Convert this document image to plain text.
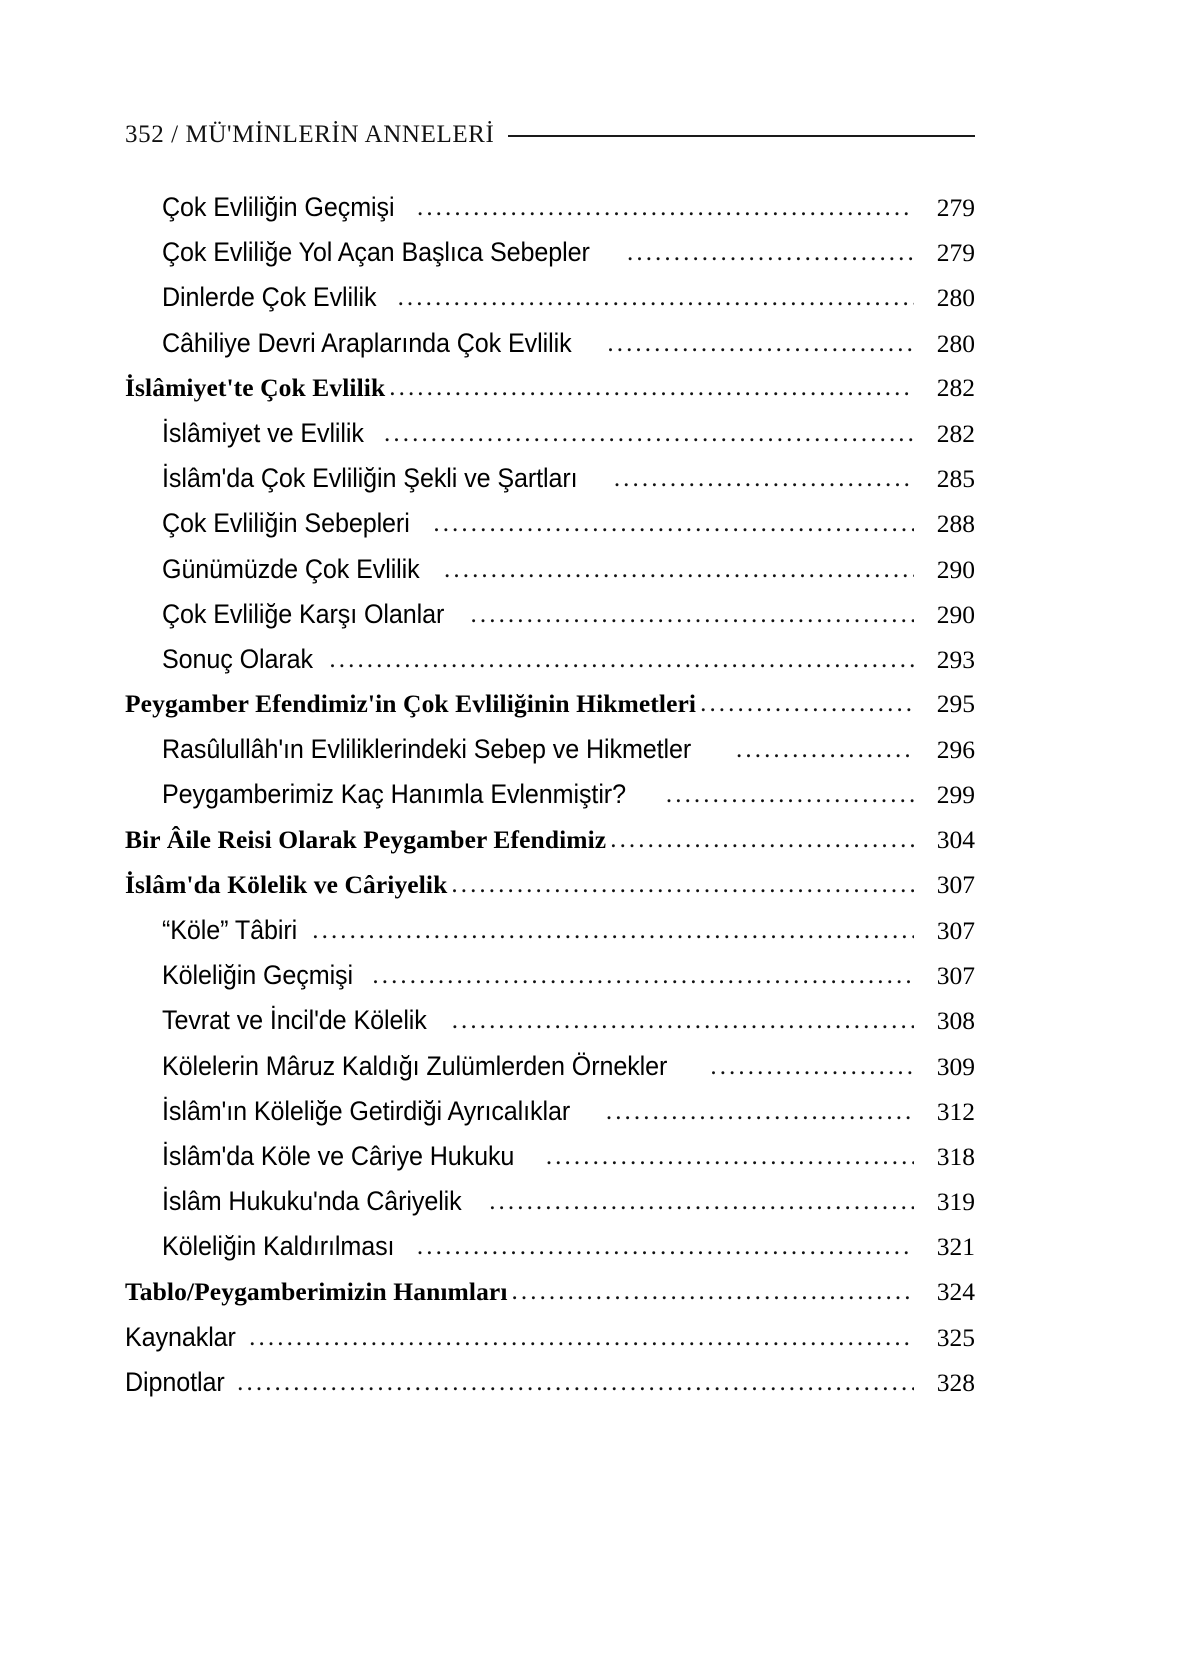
352 / MÜ'MİNLERİN ANNELERİ
Çok Evliliğin Geçmişi .....	279
Çok Evliliğe Yol Açan Başlıca Sebepler .....	279
Dinlerde Çok Evlilik .....	280
Câhiliye Devri Araplarında Çok Evlilik .....	280
İslâmiyet'te Çok Evlilik .....	282
İslâmiyet ve Evlilik .....	282
İslâm'da Çok Evliliğin Şekli ve Şartları .....	285
Çok Evliliğin Sebepleri .....	288
Günümüzde Çok Evlilik .....	290
Çok Evliliğe Karşı Olanlar .....	290
Sonuç Olarak .....	293
Peygamber Efendimiz'in Çok Evliliğinin Hikmetleri .....	295
Rasûlullâh'ın Evliliklerindeki Sebep ve Hikmetler .....	296
Peygamberimiz Kaç Hanımla Evlenmiştir? .....	299
Bir Âile Reisi Olarak Peygamber Efendimiz .....	304
İslâm'da Kölelik ve Câriyelik .....	307
“Köle” Tâbiri .....	307
Köleliğin Geçmişi .....	307
Tevrat ve İncil'de Kölelik .....	308
Kölelerin Mâruz Kaldığı Zulümlerden Örnekler .....	309
İslâm'ın Köleliğe Getirdiği Ayrıcalıklar .....	312
İslâm'da Köle ve Câriye Hukuku .....	318
İslâm Hukuku'nda Câriyelik .....	319
Köleliğin Kaldırılması .....	321
Tablo/Peygamberimizin Hanımları .....	324
Kaynaklar .....	325
Dipnotlar .....	328
